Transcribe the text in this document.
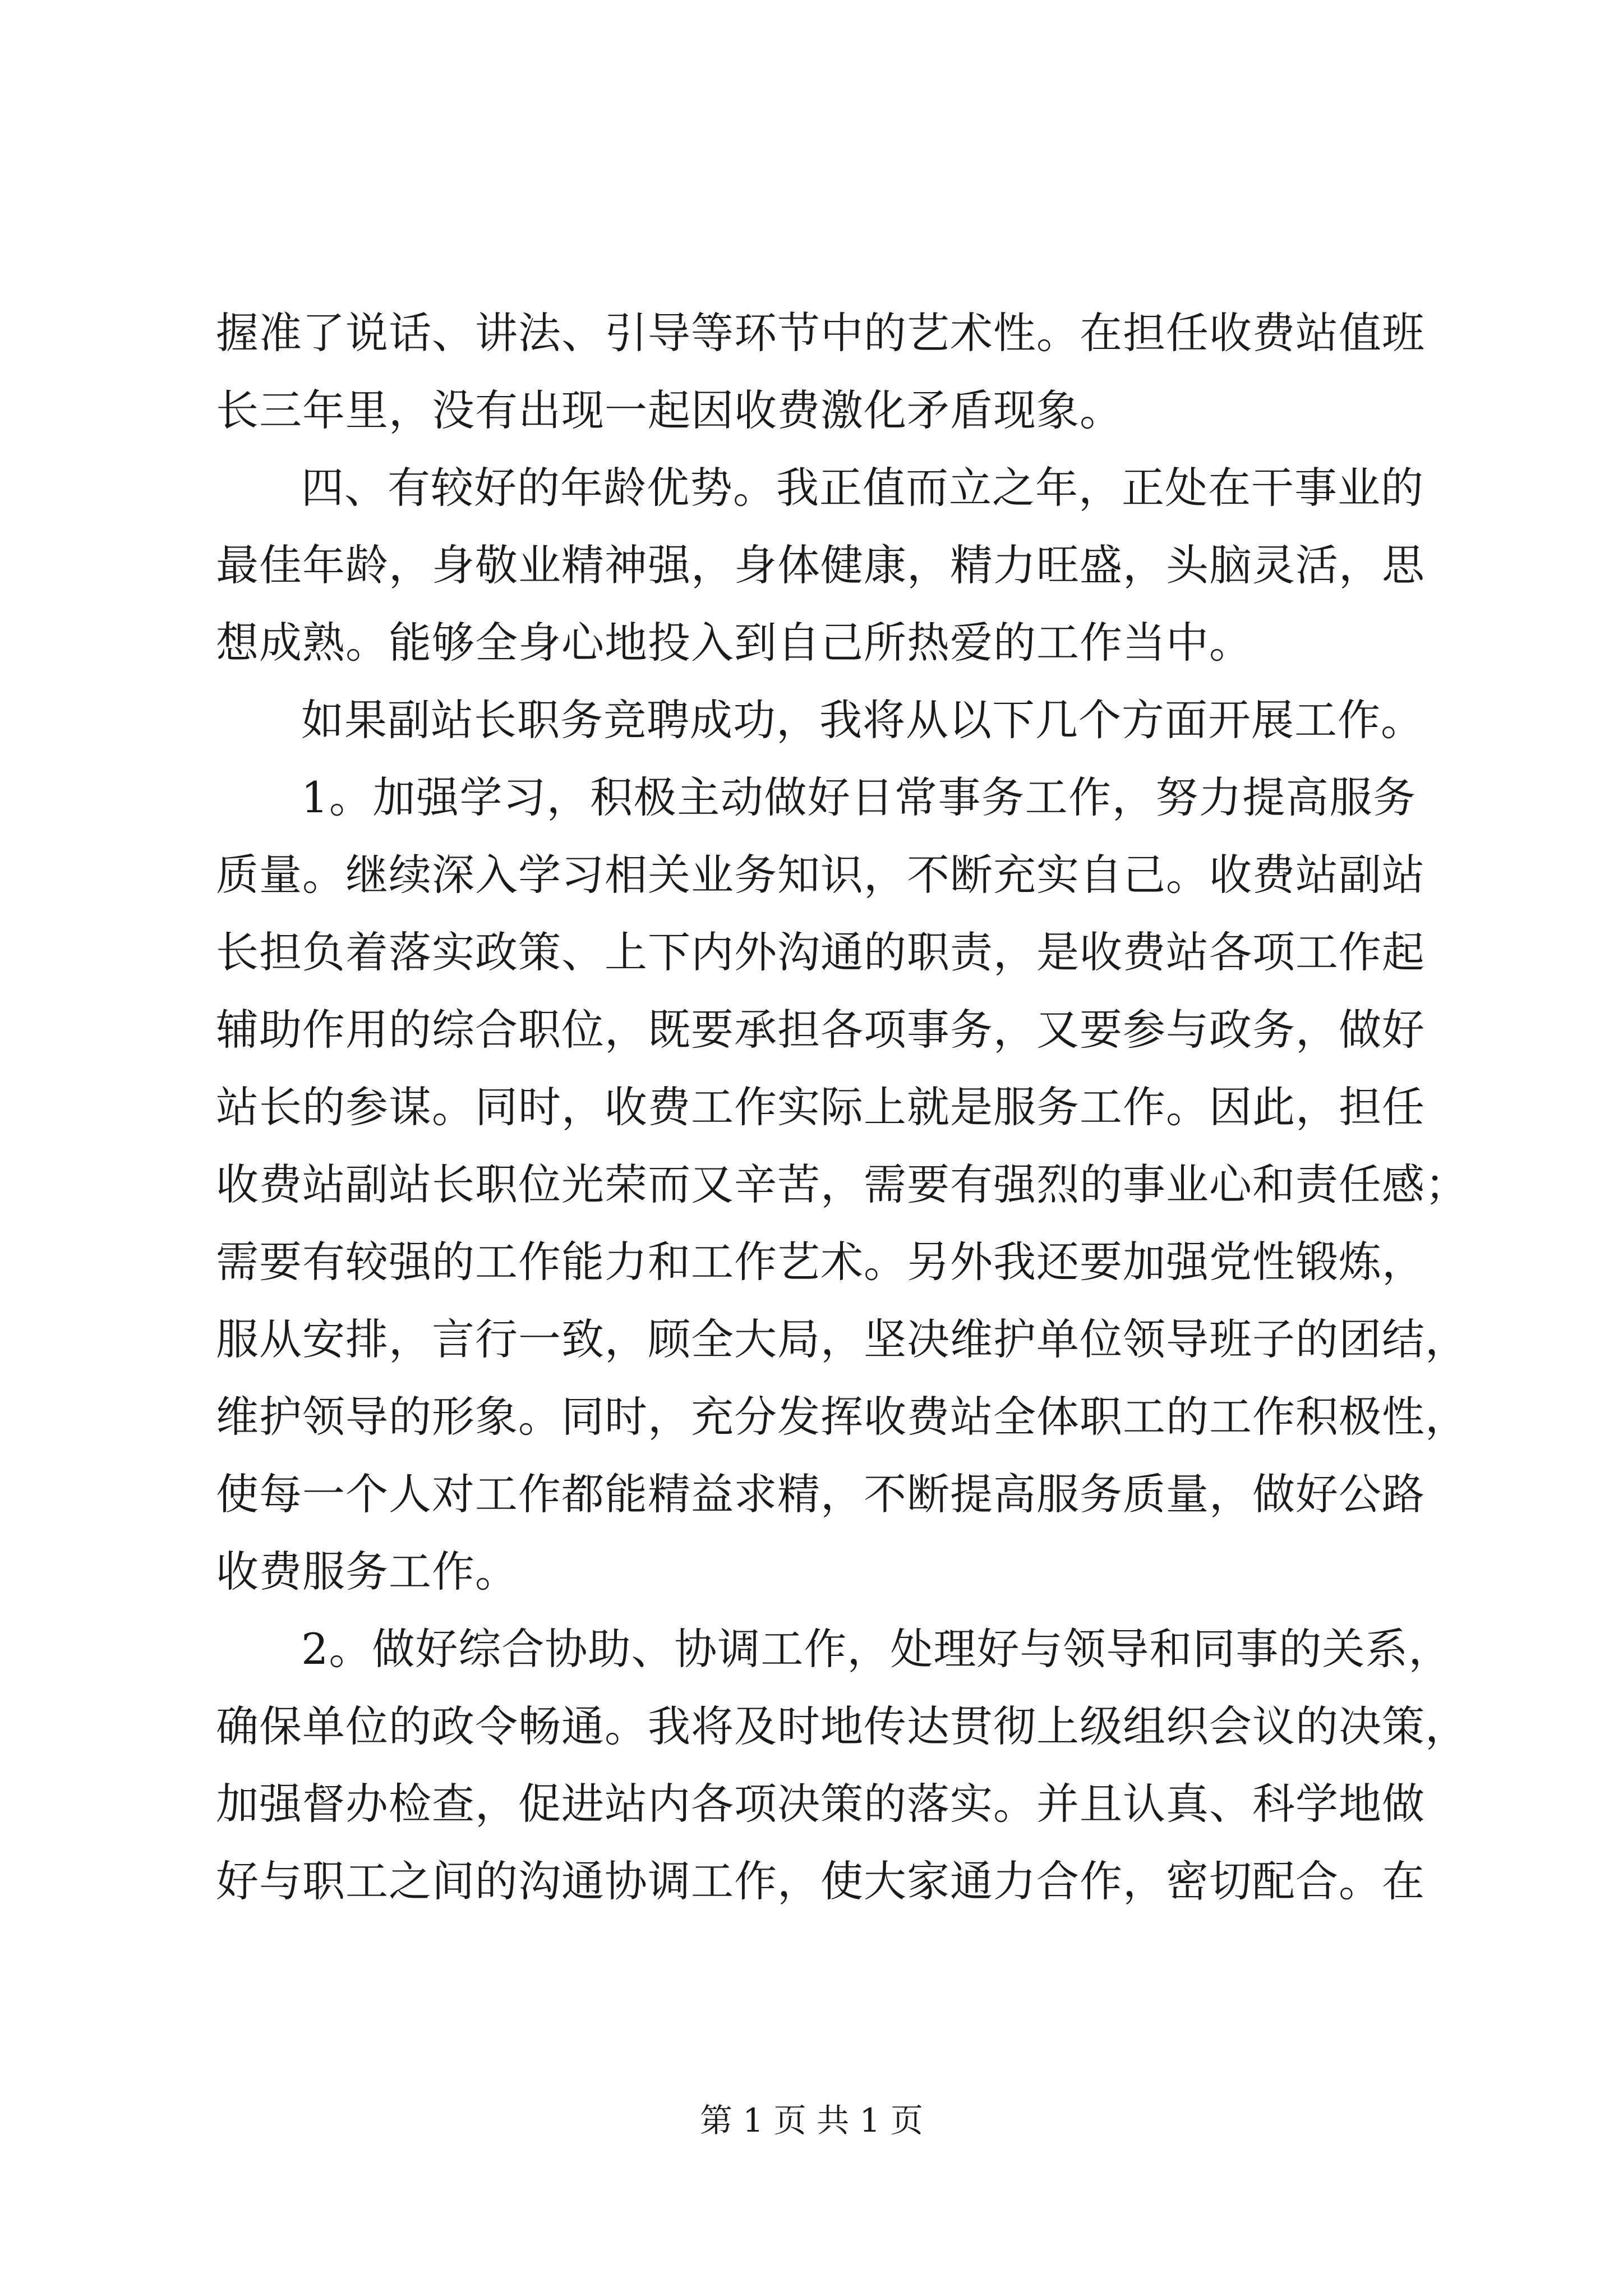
握准了说话、讲法、引导等环节中的艺术性。在担任收费站值班
长三年里，没有出现一起因收费激化矛盾现象。
四、有较好的年龄优势。我正值而立之年，正处在干事业的
最佳年龄，身敬业精神强，身体健康，精力旺盛，头脑灵活，思
想成熟。能够全身心地投入到自己所热爱的工作当中。
如果副站长职务竞聘成功，我将从以下几个方面开展工作。
1。加强学习，积极主动做好日常事务工作，努力提高服务
质量。继续深入学习相关业务知识，不断充实自己。收费站副站
长担负着落实政策、上下内外沟通的职责，是收费站各项工作起
辅助作用的综合职位，既要承担各项事务，又要参与政务，做好
站长的参谋。同时，收费工作实际上就是服务工作。因此，担任
收费站副站长职位光荣而又辛苦，需要有强烈的事业心和责任感；
需要有较强的工作能力和工作艺术。另外我还要加强党性锻炼，
服从安排，言行一致，顾全大局，坚决维护单位领导班子的团结，
维护领导的形象。同时，充分发挥收费站全体职工的工作积极性，
使每一个人对工作都能精益求精，不断提高服务质量，做好公路
收费服务工作。
2。做好综合协助、协调工作，处理好与领导和同事的关系，
确保单位的政令畅通。我将及时地传达贯彻上级组织会议的决策，
加强督办检查，促进站内各项决策的落实。并且认真、科学地做
好与职工之间的沟通协调工作，使大家通力合作，密切配合。在
第 1 页 共 1 页
